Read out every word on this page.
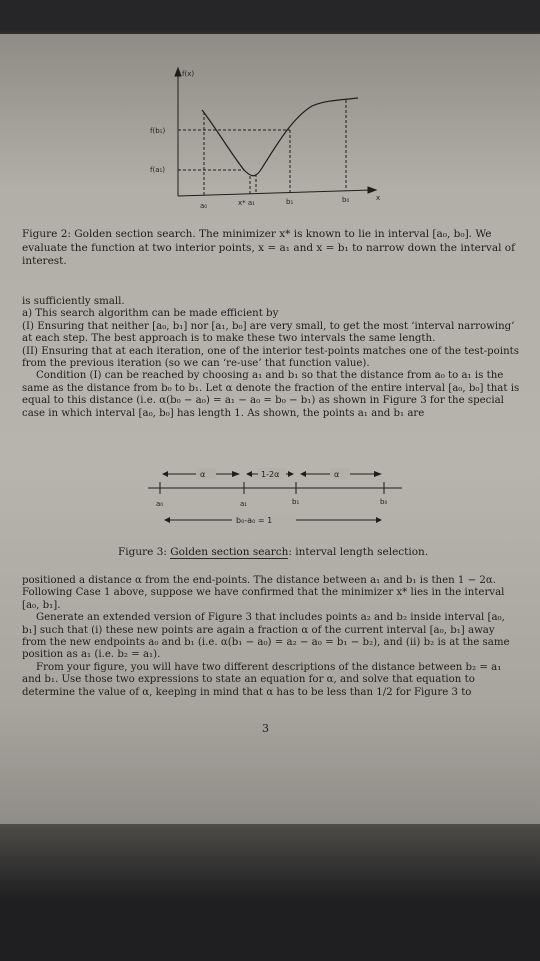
f(x)
x
f(b₁)
f(a₁)
a₀	x* a₁	b₁	b₀
Figure 2: Golden section search. The minimizer x* is known to lie in interval [a₀, b₀]. We evaluate the function at two interior points, x = a₁ and x = b₁ to narrow down the interval of interest.

is sufficiently small.

a) This search algorithm can be made efficient by

(I) Ensuring that neither [a₀, b₁] nor [a₁, b₀] are very small, to get the most ‘interval narrowing’ at each step. The best approach is to make these two intervals the same length.

(II) Ensuring that at each iteration, one of the interior test-points matches one of the test-points from the previous iteration (so we can ‘re-use’ that function value).

Condition (I) can be reached by choosing a₁ and b₁ so that the distance from a₀ to a₁ is the same as the distance from b₀ to b₁. Let α denote the fraction of the entire interval [a₀, b₀] that is equal to this distance (i.e. α(b₀ − a₀) = a₁ − a₀ = b₀ − b₁) as shown in Figure 3 for the special case in which interval [a₀, b₀] has length 1. As shown, the points a₁ and b₁ are

α	1-2α	α
a₀	a₁	b₁	b₀
b₀-a₀ = 1
Figure 3: Golden section search: interval length selection.

positioned a distance α from the end-points. The distance between a₁ and b₁ is then 1 − 2α. Following Case 1 above, suppose we have confirmed that the minimizer x* lies in the interval [a₀, b₁].

Generate an extended version of Figure 3 that includes points a₂ and b₂ inside interval [a₀, b₁] such that (i) these new points are again a fraction α of the current interval [a₀, b₁] away from the new endpoints a₀ and b₁ (i.e. α(b₁ − a₀) = a₂ − a₀ = b₁ − b₂), and (ii) b₂ is at the same position as a₁ (i.e. b₂ = a₁).

From your figure, you will have two different descriptions of the distance between b₂ = a₁ and b₁. Use those two expressions to state an equation for α, and solve that equation to determine the value of α, keeping in mind that α has to be less than 1/2 for Figure 3 to

3
